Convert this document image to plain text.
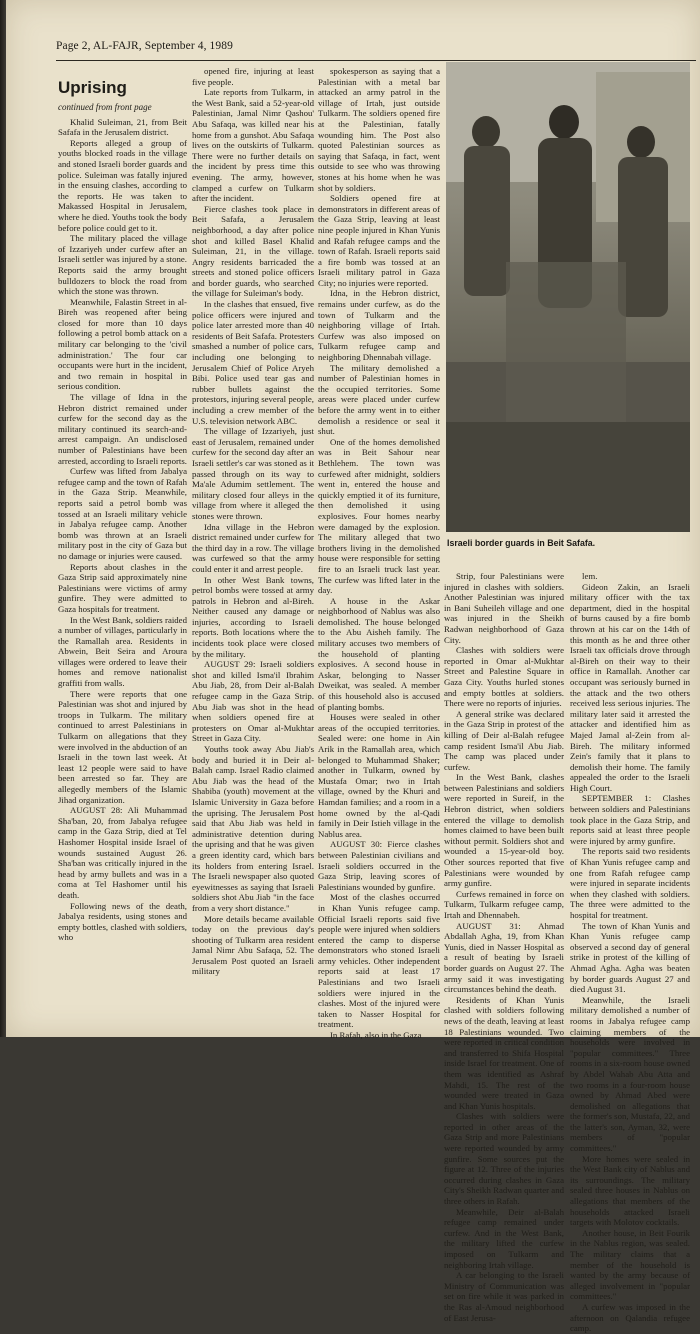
Page 2, AL-FAJR, September 4, 1989
Uprising
continued from front page

Khalid Suleiman, 21, from Beit Safafa in the Jerusalem district.

Reports alleged a group of youths blocked roads in the village and stoned Israeli border guards and police. Suleiman was fatally injured in the ensuing clashes, according to the reports. He was taken to Makassed Hospital in Jerusalem, where he died. Youths took the body before police could get to it.

The military placed the village of Izzariyeh under curfew after an Israeli settler was injured by a stone. Reports said the army brought bulldozers to block the road from which the stone was thrown.

Meanwhile, Falastin Street in al-Bireh was reopened after being closed for more than 10 days following a petrol bomb attack on a military car belonging to the 'civil administration.' The four car occupants were hurt in the incident, and two remain in hospital in serious condition.

The village of Idna in the Hebron district remained under curfew for the second day as the military continued its search-and-arrest campaign. An undisclosed number of Palestinians have been arrested, according to Israeli reports.

Curfew was lifted from Jabalya refugee camp and the town of Rafah in the Gaza Strip. Meanwhile, reports said a petrol bomb was tossed at an Israeli military vehicle in Jabalya refugee camp. Another bomb was thrown at an Israeli military post in the city of Gaza but no damage or injuries were caused.

Reports about clashes in the Gaza Strip said approximately nine Palestinians were victims of army gunfire. They were admitted to Gaza hospitals for treatment.

In the West Bank, soldiers raided a number of villages, particularly in the Ramallah area. Residents in Abwein, Beit Seira and Aroura villages were ordered to leave their homes and remove nationalist graffiti from walls.

There were reports that one Palestinian was shot and injured by troops in Tulkarm. The military continued to arrest Palestinians in Tulkarm on allegations that they were involved in the abduction of an Israeli in the town last week. At least 12 people were said to have been arrested so far. They are allegedly members of the Islamic Jihad organization.

AUGUST 28: Ali Muhammad Sha'ban, 20, from Jabalya refugee camp in the Gaza Strip, died at Tel Hashomer Hospital inside Israel of wounds sustained August 26. Sha'ban was critically injured in the head by army bullets and was in a coma at Tel Hashomer until his death.

Following news of the death, Jabalya residents, using stones and empty bottles, clashed with soldiers, who

opened fire, injuring at least five people.

Late reports from Tulkarm, in the West Bank, said a 52-year-old Palestinian, Jamal Nimr Qashou' Abu Safaqa, was killed near his home from a gunshot. Abu Safaqa lives on the outskirts of Tulkarm. There were no further details on the incident by press time this evening. The army, however, clamped a curfew on Tulkarm after the incident.

Fierce clashes took place in Beit Safafa, a Jerusalem neighborhood, a day after police shot and killed Basel Khalid Suleiman, 21, in the village. Angry residents barricaded the streets and stoned police officers and border guards, who searched the village for Suleiman's body.

In the clashes that ensued, five police officers were injured and police later arrested more than 40 residents of Beit Safafa. Protesters smashed a number of police cars, including one belonging to Jerusalem Chief of Police Aryeh Bibi. Police used tear gas and rubber bullets against the protestors, injuring several people, including a crew member of the U.S. television network ABC.

The village of Izzariyeh, just east of Jerusalem, remained under curfew for the second day after an Israeli settler's car was stoned as it passed through on its way to Ma'ale Adumim settlement. The military closed four alleys in the village from where it alleged the stones were thrown.

Idna village in the Hebron district remained under curfew for the third day in a row. The village was curfewed so that the army could enter it and arrest people.

In other West Bank towns, petrol bombs were tossed at army patrols in Hebron and al-Bireh. Neither caused any damage or injuries, according to Israeli reports. Both locations where the incidents took place were closed by the military.

AUGUST 29: Israeli soldiers shot and killed Isma'il Ibrahim Abu Jiab, 28, from Deir al-Balah refugee camp in the Gaza Strip. Abu Jiab was shot in the head when soldiers opened fire at protesters on Omar al-Mukhtar Street in Gaza City.

Youths took away Abu Jiab's body and buried it in Deir al-Balah camp. Israel Radio claimed Abu Jiab was the head of the Shabiba (youth) movement at the Islamic University in Gaza before the uprising. The Jerusalem Post said that Abu Jiab was held in administrative detention during the uprising and that he was given a green identity card, which bars its holders from entering Israel. The Israeli newspaper also quoted eyewitnesses as saying that Israeli soldiers shot Abu Jiab "in the face from a very short distance."

More details became available today on the previous day's shooting of Tulkarm area resident Jamal Nimr Abu Safaqa, 52. The Jerusalem Post quoted an Israeli military

spokesperson as saying that a Palestinian with a metal bar attacked an army patrol in the village of Irtah, just outside Tulkarm. The soldiers opened fire at the Palestinian, fatally wounding him. The Post also quoted Palestinian sources as saying that Safaqa, in fact, went outside to see who was throwing stones at his home when he was shot by soldiers.

Soldiers opened fire at demonstrators in different areas of the Gaza Strip, leaving at least nine people injured in Khan Yunis and Rafah refugee camps and the town of Rafah. Israeli reports said a fire bomb was tossed at an Israeli military patrol in Gaza City; no injuries were reported.

Idna, in the Hebron district, remains under curfew, as do the town of Tulkarm and the neighboring village of Irtah. Curfew was also imposed on Tulkarm refugee camp and neighboring Dhennabah village.

The military demolished a number of Palestinian homes in the occupied territories. Some areas were placed under curfew before the army went in to either demolish a residence or seal it shut.

One of the homes demolished was in Beit Sahour near Bethlehem. The town was curfewed after midnight, soldiers went in, entered the house and quickly emptied it of its furniture, then demolished it using explosives. Four homes nearby were damaged by the explosion. The military alleged that two brothers living in the demolished house were responsible for setting fire to an Israeli truck last year. The curfew was lifted later in the day.

A house in the Askar neighborhood of Nablus was also demolished. The house belonged to the Abu Aisheh family. The military accuses two members of the household of planting explosives. A second house in Askar, belonging to Nasser Dweikat, was sealed. A member of this household also is accused of planting bombs.

Houses were sealed in other areas of the occupied territories. Sealed were: one home in Ain Arik in the Ramallah area, which belonged to Muhammad Shaker; another in Tulkarm, owned by Mustafa Omar; two in Irtah village, owned by the Khuri and Hamdan families; and a room in a home owned by the al-Qadi family in Deir Istieh village in the Nablus area.

AUGUST 30: Fierce clashes between Palestinian civilians and Israeli soldiers occurred in the Gaza Strip, leaving scores of Palestinians wounded by gunfire.

Most of the clashes occurred in Khan Yunis refugee camp. Official Israeli reports said five people were injured when soldiers entered the camp to disperse demonstrators who stoned Israeli army vehicles. Other independent reports said at least 17 Palestinians and two Israeli soldiers were injured in the clashes. Most of the injured were taken to Nasser Hospital for treatment.

In Rafah, also in the Gaza

Israeli border guards in Beit Safafa.

Strip, four Palestinians were injured in clashes with soldiers. Another Palestinian was injured in Bani Suheileh village and one was injured in the Sheikh Radwan neighborhood of Gaza City.

Clashes with soldiers were reported in Omar al-Mukhtar Street and Palestine Square in Gaza City. Youths hurled stones and empty bottles at soldiers. There were no reports of injuries.

A general strike was declared in the Gaza Strip in protest of the killing of Deir al-Balah refugee camp resident Isma'il Abu Jiab. The camp was placed under curfew.

In the West Bank, clashes between Palestinians and soldiers were reported in Sureif, in the Hebron district, when soldiers entered the village to demolish homes claimed to have been built without permit. Soldiers shot and wounded a 15-year-old boy. Other sources reported that five Palestinians were wounded by army gunfire.

Curfews remained in force on Tulkarm, Tulkarm refugee camp, Irtah and Dhennabeh.

AUGUST 31: Ahmad Abdallah Agha, 19, from Khan Yunis, died in Nasser Hospital as a result of beating by Israeli border guards on August 27. The army said it was investigating circumstances behind the death.

Residents of Khan Yunis clashed with soldiers following news of the death, leaving at least 18 Palestinians wounded. Two were reported in critical condition and transferred to Shifa Hospital inside Israel for treatment. One of them was identified as Ashraf Mahdi, 15. The rest of the wounded were treated in Gaza and Khan Yunis hospitals.

Clashes with soldiers were reported in other areas of the Gaza Strip and more Palestinians were reported wounded by army gunfire. Some sources put the figure at 12. Three of the injuries occurred during clashes in Gaza City's Sheikh Radwan quarter and three others in Rafah.

Meanwhile, Deir al-Balah refugee camp remained under curfew. And in the West Bank, the military lifted the curfew imposed on Tulkarm and neighboring Irtah village.

A car belonging to the Israeli Ministry of Communication was set on fire while it was parked in the Ras al-Amoud neighborhood of East Jerusa-

lem.

Gideon Zakin, an Israeli military officer with the tax department, died in the hospital of burns caused by a fire bomb thrown at his car on the 14th of this month as he and three other Israeli tax officials drove through al-Bireh on their way to their office in Ramallah. Another car occupant was seriously burned in the attack and the two others received less serious injuries. The military later said it arrested the attacker and identified him as Majed Jamal al-Zein from al-Bireh. The military informed Zein's family that it plans to demolish their home. The family appealed the order to the Israeli High Court.

SEPTEMBER 1: Clashes between soldiers and Palestinians took place in the Gaza Strip, and reports said at least three people were injured by army gunfire.

The reports said two residents of Khan Yunis refugee camp and one from Rafah refugee camp were injured in separate incidents when they clashed with soldiers. The three were admitted to the hospital for treatment.

The town of Khan Yunis and Khan Yunis refugee camp observed a second day of general strike in protest of the killing of Ahmad Agha. Agha was beaten by border guards August 27 and died August 31.

Meanwhile, the Israeli military demolished a number of rooms in Jabalya refugee camp claiming members of the households were involved in "popular committees." Three rooms in a six-room house owned by Abdel Wahab Abu Atta and two rooms in a four-room house owned by Ahmad Abed were demolished on allegations that the former's son, Mustafa, 22, and the latter's son, Ayman, 32, were members of "popular committees."

More homes were sealed in the West Bank city of Nablus and its surroundings. The military sealed three houses in Nablus on allegations that members of the households attacked Israeli targets with Molotov cocktails.

Another house, in Beit Fourik in the Nablus region, was sealed. The military claims that a member of the household is wanted by the army because of alleged involvement in "popular committees."

A curfew was imposed in the afternoon on Qalandia refugee camp.
